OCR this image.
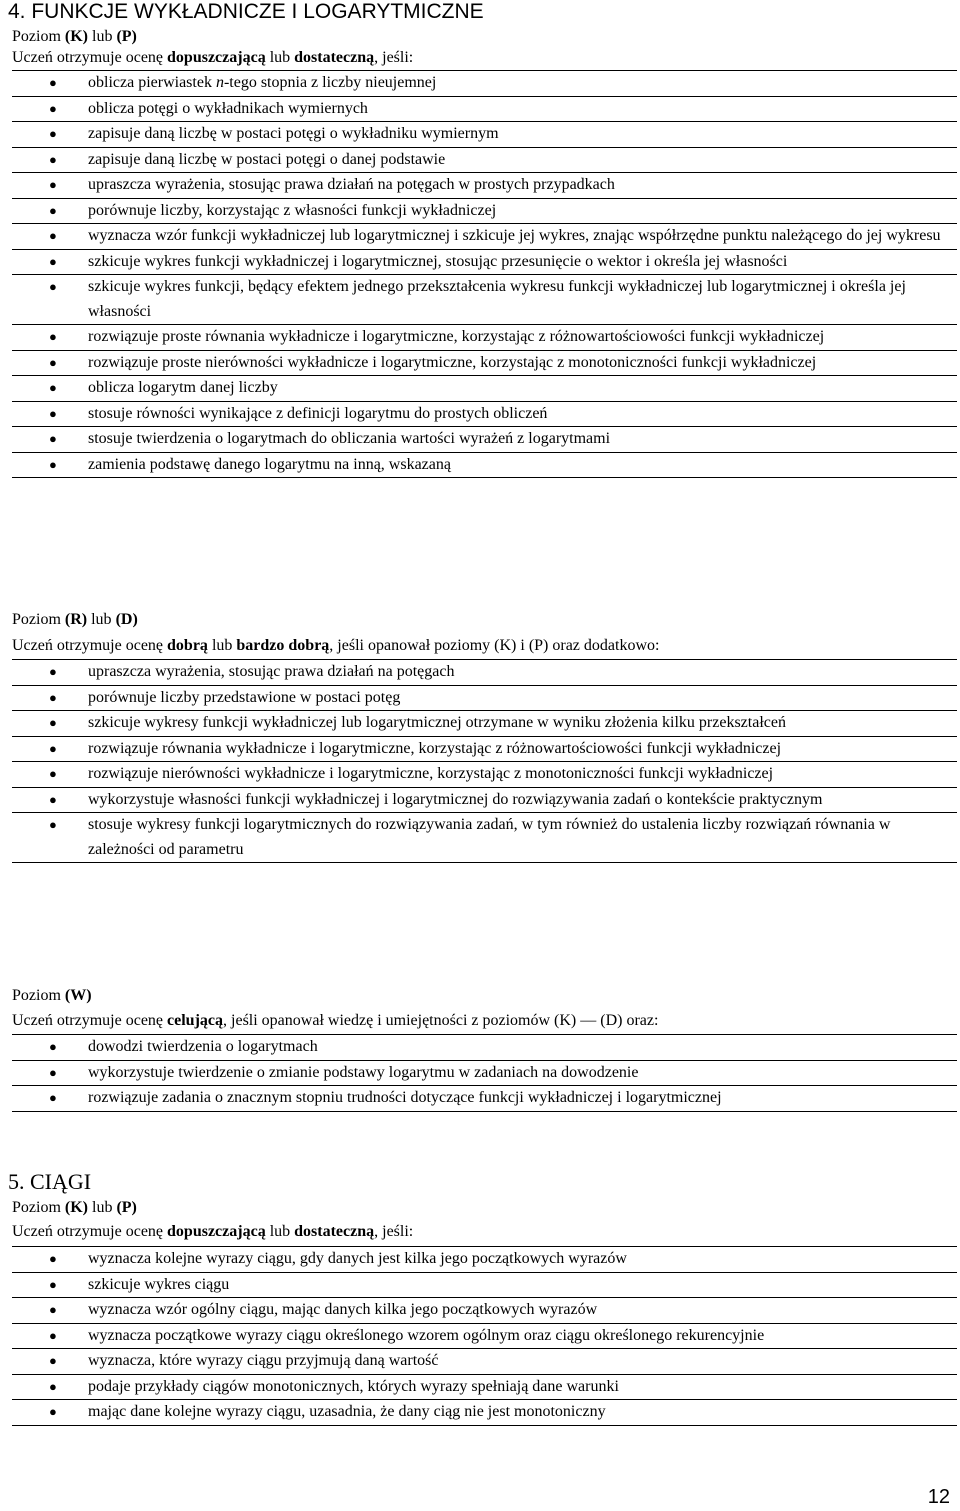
4. FUNKCJE WYKŁADNICZE I LOGARYTMICZNE
Poziom (K) lub (P)
Uczeń otrzymuje ocenę dopuszczającą lub dostateczną, jeśli:
●	oblicza pierwiastek n-tego stopnia z liczby nieujemnej
●	oblicza potęgi o wykładnikach wymiernych
●	zapisuje daną liczbę w postaci potęgi o wykładniku wymiernym
●	zapisuje daną liczbę w postaci potęgi o danej podstawie
●	upraszcza wyrażenia, stosując prawa działań na potęgach w prostych przypadkach
●	porównuje liczby, korzystając z własności funkcji wykładniczej
●	wyznacza wzór funkcji wykładniczej lub logarytmicznej i szkicuje jej wykres, znając współrzędne punktu należącego do jej wykresu
●	szkicuje wykres funkcji wykładniczej i logarytmicznej, stosując przesunięcie o wektor i określa jej własności
●	szkicuje wykres funkcji, będący efektem jednego przekształcenia wykresu funkcji wykładniczej lub logarytmicznej i określa jej własności
●	rozwiązuje proste równania wykładnicze i logarytmiczne, korzystając z różnowartościowości funkcji wykładniczej
●	rozwiązuje proste nierówności wykładnicze i logarytmiczne, korzystając z monotoniczności funkcji wykładniczej
●	oblicza logarytm danej liczby
●	stosuje równości wynikające z definicji logarytmu do prostych obliczeń
●	stosuje twierdzenia o logarytmach do obliczania wartości wyrażeń z logarytmami
●	zamienia podstawę danego logarytmu na inną, wskazaną
Poziom (R) lub (D)
Uczeń otrzymuje ocenę dobrą lub bardzo dobrą, jeśli opanował poziomy (K) i (P) oraz dodatkowo:
●	upraszcza wyrażenia, stosując prawa działań na potęgach
●	porównuje liczby przedstawione w postaci potęg
●	szkicuje wykresy funkcji wykładniczej lub logarytmicznej otrzymane w wyniku złożenia kilku przekształceń
●	rozwiązuje równania wykładnicze i logarytmiczne, korzystając z różnowartościowości funkcji wykładniczej
●	rozwiązuje nierówności wykładnicze i logarytmiczne, korzystając z monotoniczności funkcji wykładniczej
●	wykorzystuje własności funkcji wykładniczej i logarytmicznej do rozwiązywania zadań o kontekście praktycznym
●	stosuje wykresy funkcji logarytmicznych do rozwiązywania zadań, w tym również do ustalenia liczby rozwiązań równania w zależności od parametru
Poziom (W)
Uczeń otrzymuje ocenę celującą, jeśli opanował wiedzę i umiejętności z poziomów (K) — (D) oraz:
●	dowodzi twierdzenia o logarytmach
●	wykorzystuje twierdzenie o zmianie podstawy logarytmu w zadaniach na dowodzenie
●	rozwiązuje zadania o znacznym stopniu trudności dotyczące funkcji wykładniczej i logarytmicznej
5. CIĄGI
Poziom (K) lub (P)
Uczeń otrzymuje ocenę dopuszczającą lub dostateczną, jeśli:
●	wyznacza kolejne wyrazy ciągu, gdy danych jest kilka jego początkowych wyrazów
●	szkicuje wykres ciągu
●	wyznacza wzór ogólny ciągu, mając danych kilka jego początkowych wyrazów
●	wyznacza początkowe wyrazy ciągu określonego wzorem ogólnym oraz ciągu określonego rekurencyjnie
●	wyznacza, które wyrazy ciągu przyjmują daną wartość
●	podaje przykłady ciągów monotonicznych, których wyrazy spełniają dane warunki
●	mając dane kolejne wyrazy ciągu, uzasadnia, że dany ciąg nie jest monotoniczny
12
